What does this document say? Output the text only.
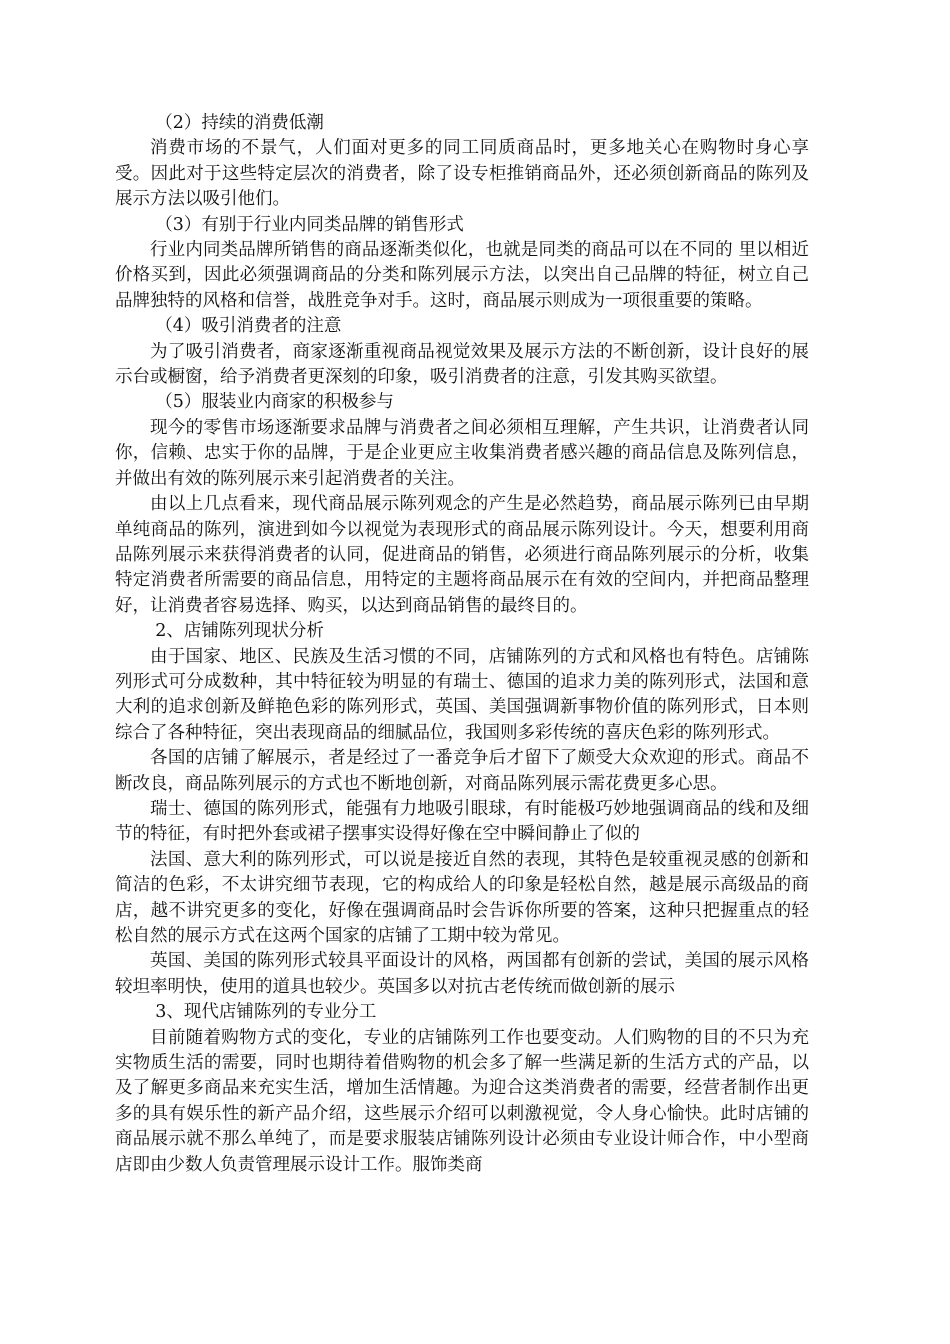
（2）持续的消费低潮

消费市场的不景气，人们面对更多的同工同质商品时，更多地关心在购物时身心享受。因此对于这些特定层次的消费者，除了设专柜推销商品外，还必须创新商品的陈列及展示方法以吸引他们。

（3）有别于行业内同类品牌的销售形式

行业内同类品牌所销售的商品逐渐类似化，也就是同类的商品可以在不同的 里以相近价格买到，因此必须强调商品的分类和陈列展示方法，以突出自己品牌的特征，树立自己品牌独特的风格和信誉，战胜竞争对手。这时，商品展示则成为一项很重要的策略。

（4）吸引消费者的注意

为了吸引消费者，商家逐渐重视商品视觉效果及展示方法的不断创新，设计良好的展示台或橱窗，给予消费者更深刻的印象，吸引消费者的注意，引发其购买欲望。

（5）服装业内商家的积极参与

现今的零售市场逐渐要求品牌与消费者之间必须相互理解，产生共识，让消费者认同你，信赖、忠实于你的品牌，于是企业更应主收集消费者感兴趣的商品信息及陈列信息，并做出有效的陈列展示来引起消费者的关注。

由以上几点看来，现代商品展示陈列观念的产生是必然趋势，商品展示陈列已由早期单纯商品的陈列，演进到如今以视觉为表现形式的商品展示陈列设计。今天，想要利用商品陈列展示来获得消费者的认同，促进商品的销售，必须进行商品陈列展示的分析，收集特定消费者所需要的商品信息，用特定的主题将商品展示在有效的空间内，并把商品整理好，让消费者容易选择、购买，以达到商品销售的最终目的。

2、店铺陈列现状分析

由于国家、地区、民族及生活习惯的不同，店铺陈列的方式和风格也有特色。店铺陈列形式可分成数种，其中特征较为明显的有瑞士、德国的追求力美的陈列形式，法国和意大利的追求创新及鲜艳色彩的陈列形式，英国、美国强调新事物价值的陈列形式，日本则综合了各种特征，突出表现商品的细腻品位，我国则多彩传统的喜庆色彩的陈列形式。

各国的店铺了解展示，者是经过了一番竞争后才留下了颇受大众欢迎的形式。商品不断改良，商品陈列展示的方式也不断地创新，对商品陈列展示需花费更多心思。

瑞士、德国的陈列形式，能强有力地吸引眼球，有时能极巧妙地强调商品的线和及细节的特征，有时把外套或裙子摆事实设得好像在空中瞬间静止了似的

法国、意大利的陈列形式，可以说是接近自然的表现，其特色是较重视灵感的创新和简洁的色彩，不太讲究细节表现，它的构成给人的印象是轻松自然，越是展示高级品的商店，越不讲究更多的变化，好像在强调商品时会告诉你所要的答案，这种只把握重点的轻松自然的展示方式在这两个国家的店铺了工期中较为常见。

英国、美国的陈列形式较具平面设计的风格，两国都有创新的尝试，美国的展示风格较坦率明快，使用的道具也较少。英国多以对抗古老传统而做创新的展示

3、现代店铺陈列的专业分工

目前随着购物方式的变化，专业的店铺陈列工作也要变动。人们购物的目的不只为充实物质生活的需要，同时也期待着借购物的机会多了解一些满足新的生活方式的产品，以及了解更多商品来充实生活，增加生活情趣。为迎合这类消费者的需要，经营者制作出更多的具有娱乐性的新产品介绍，这些展示介绍可以刺激视觉，令人身心愉快。此时店铺的商品展示就不那么单纯了，而是要求服装店铺陈列设计必须由专业设计师合作，中小型商店即由少数人负责管理展示设计工作。服饰类商
